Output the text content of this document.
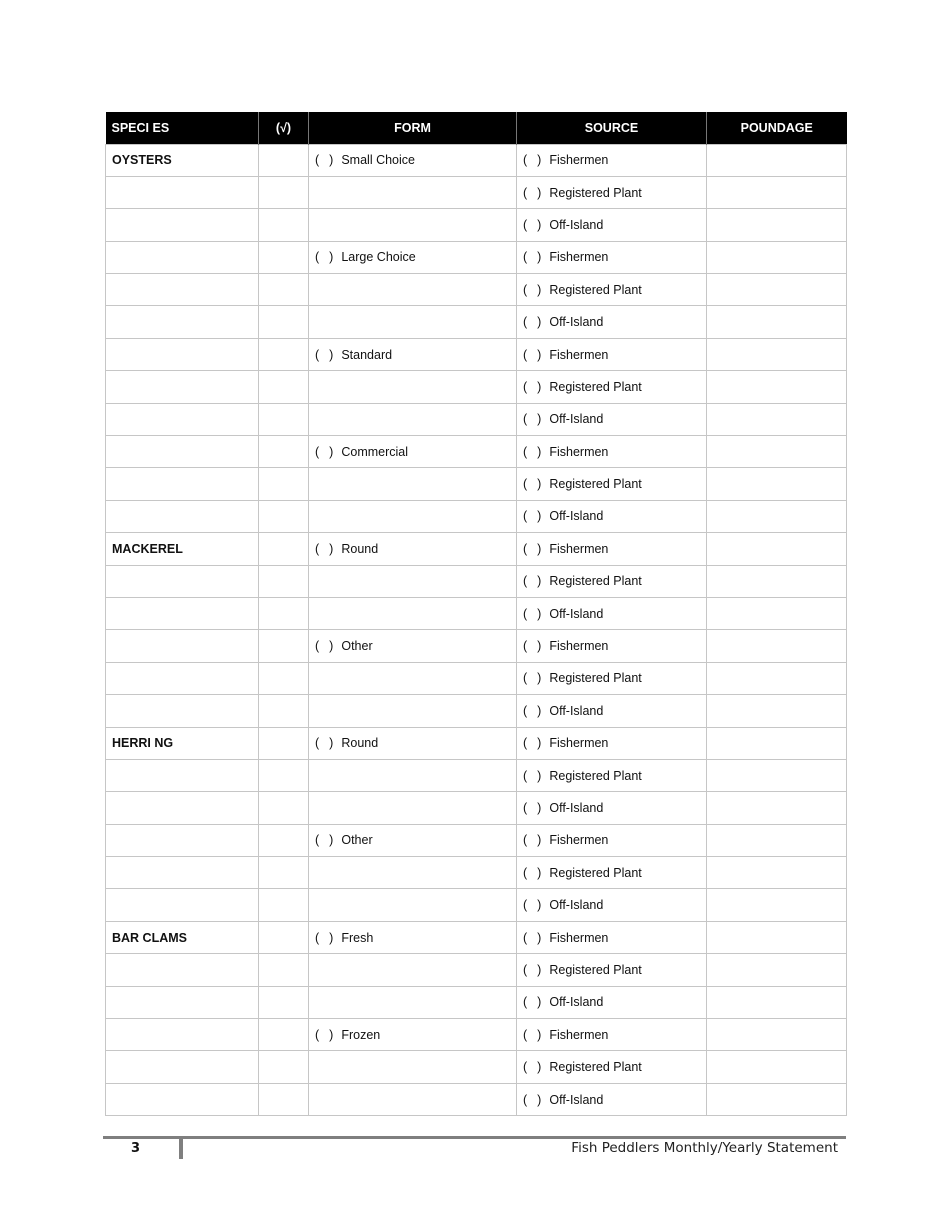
SPECI ES	(√)	FORM	SOURCE	POUNDAGE
OYSTERS		( ) Small Choice	( ) Fishermen	
			( ) Registered Plant	
			( ) Off-Island	
		( ) Large Choice	( ) Fishermen	
			( ) Registered Plant	
			( ) Off-Island	
		( ) Standard	( ) Fishermen	
			( ) Registered Plant	
			( ) Off-Island	
		( ) Commercial	( ) Fishermen	
			( ) Registered Plant	
			( ) Off-Island	
MACKEREL		( ) Round	( ) Fishermen	
			( ) Registered Plant	
			( ) Off-Island	
		( ) Other	( ) Fishermen	
			( ) Registered Plant	
			( ) Off-Island	
HERRI NG		( ) Round	( ) Fishermen	
			( ) Registered Plant	
			( ) Off-Island	
		( ) Other	( ) Fishermen	
			( ) Registered Plant	
			( ) Off-Island	
BAR CLAMS		( ) Fresh	( ) Fishermen	
			( ) Registered Plant	
			( ) Off-Island	
		( ) Frozen	( ) Fishermen	
			( ) Registered Plant	
			( ) Off-Island	
3	Fish Peddlers Monthly/Yearly Statement
